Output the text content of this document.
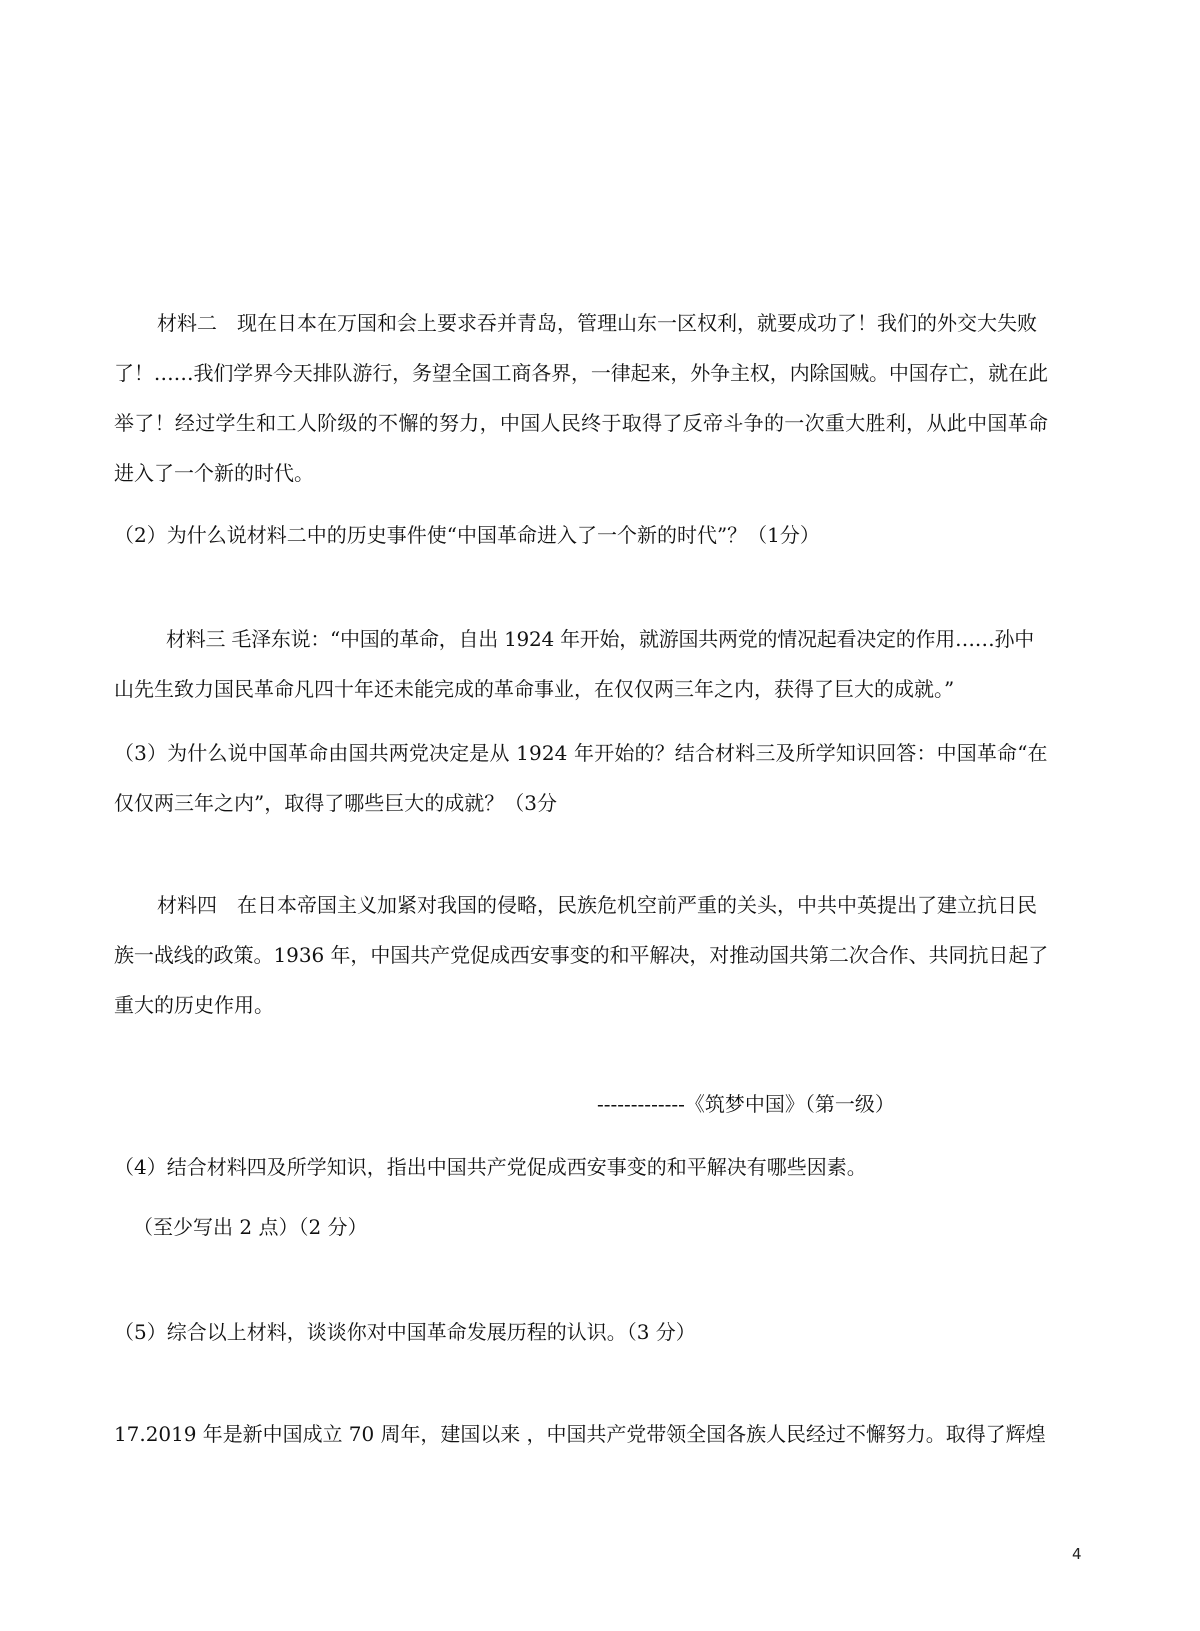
材料二　现在日本在万国和会上要求吞并青岛，管理山东一区权利，就要成功了！我们的外交大失败
了！……我们学界今天排队游行，务望全国工商各界，一律起来，外争主权，内除国贼。中国存亡，就在此
举了！经过学生和工人阶级的不懈的努力，中国人民终于取得了反帝斗争的一次重大胜利，从此中国革命
进入了一个新的时代。
（2）为什么说材料二中的历史事件使“中国革命进入了一个新的时代”？（1分）
材料三 毛泽东说：“中国的革命，自出 1924 年开始，就游国共两党的情况起看决定的作用……孙中
山先生致力国民革命凡四十年还未能完成的革命事业，在仅仅两三年之内，获得了巨大的成就。”
（3）为什么说中国革命由国共两党决定是从 1924 年开始的？结合材料三及所学知识回答：中国革命“在
仅仅两三年之内”，取得了哪些巨大的成就？（3分
材料四　在日本帝国主义加紧对我国的侵略，民族危机空前严重的关头，中共中英提出了建立抗日民
族一战线的政策。1936 年，中国共产党促成西安事变的和平解决，对推动国共第二次合作、共同抗日起了
重大的历史作用。
-------------《筑梦中国》（第一级）
（4）结合材料四及所学知识，指出中国共产党促成西安事变的和平解决有哪些因素。
（至少写出 2 点）（2 分）
（5）综合以上材料，谈谈你对中国革命发展历程的认识。（3 分）
17.2019 年是新中国成立 70 周年，建国以来 ，中国共产党带领全国各族人民经过不懈努力。取得了辉煌
4
